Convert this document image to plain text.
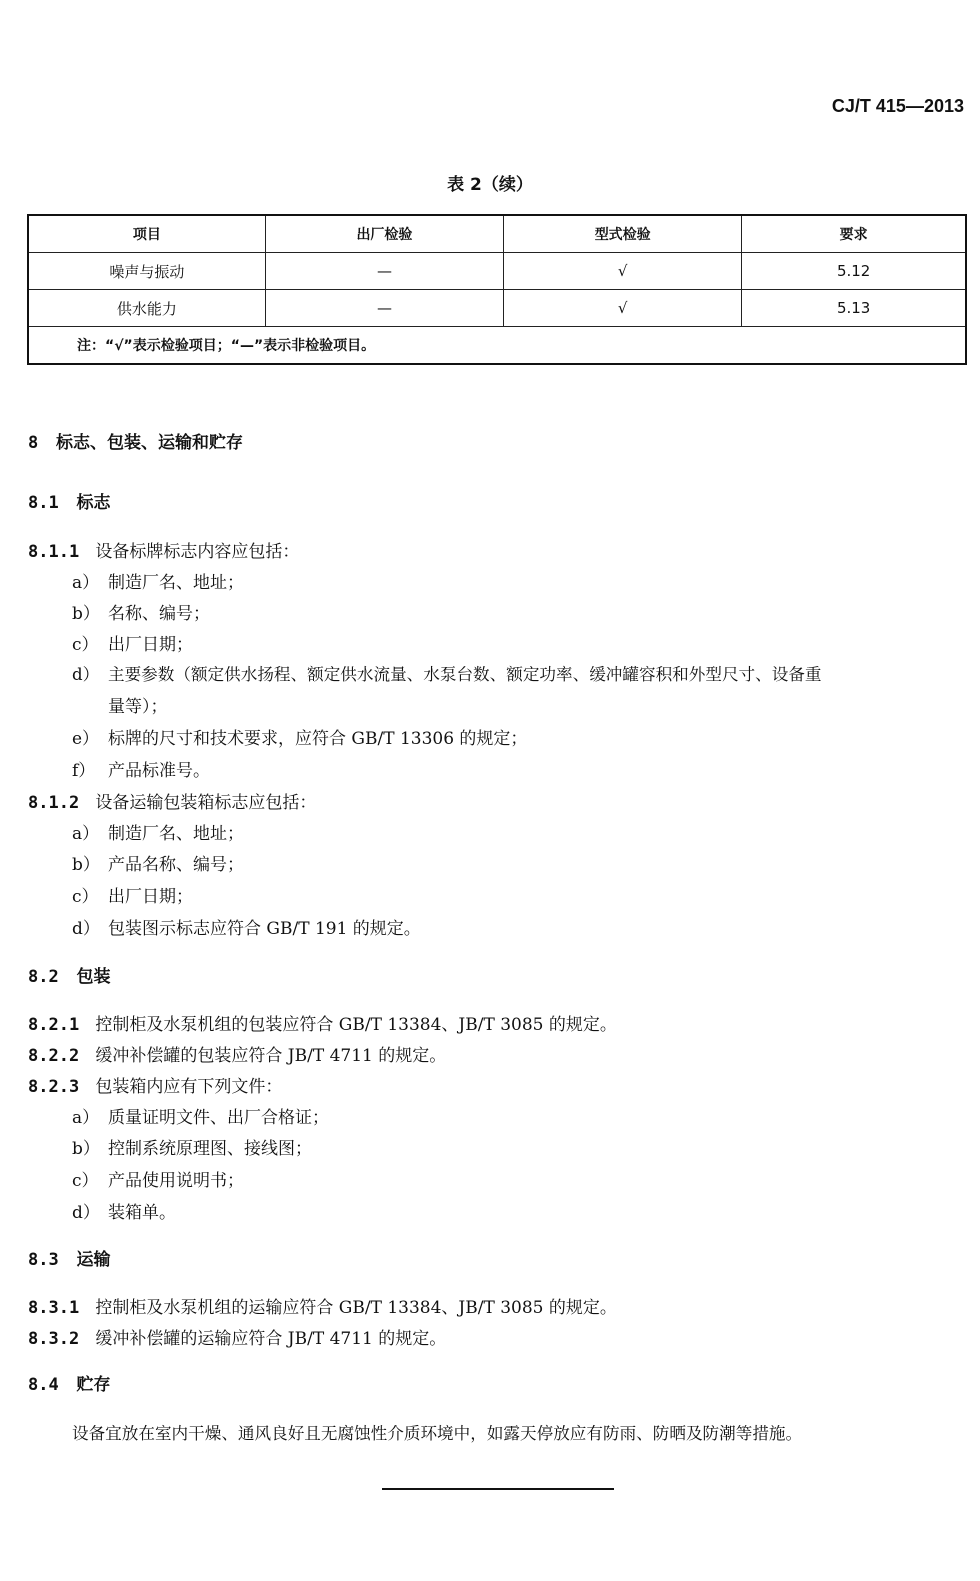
CJ/T 415—2013
表 2（续）
项目	出厂检验	型式检验	要求
噪声与振动	—	√	5.12
供水能力	—	√	5.13
注：“√”表示检验项目；“—”表示非检验项目。			
8 标志、包装、运输和贮存
8.1 标志
8.1.1 设备标牌标志内容应包括：
a） 制造厂名、地址；
b） 名称、编号；
c） 出厂日期；
d） 主要参数（额定供水扬程、额定供水流量、水泵台数、额定功率、缓冲罐容积和外型尺寸、设备重
量等）；
e） 标牌的尺寸和技术要求，应符合 GB/T 13306 的规定；
f） 产品标准号。
8.1.2 设备运输包装箱标志应包括：
a） 制造厂名、地址；
b） 产品名称、编号；
c） 出厂日期；
d） 包装图示标志应符合 GB/T 191 的规定。
8.2 包装
8.2.1 控制柜及水泵机组的包装应符合 GB/T 13384、JB/T 3085 的规定。
8.2.2 缓冲补偿罐的包装应符合 JB/T 4711 的规定。
8.2.3 包装箱内应有下列文件：
a） 质量证明文件、出厂合格证；
b） 控制系统原理图、接线图；
c） 产品使用说明书；
d） 装箱单。
8.3 运输
8.3.1 控制柜及水泵机组的运输应符合 GB/T 13384、JB/T 3085 的规定。
8.3.2 缓冲补偿罐的运输应符合 JB/T 4711 的规定。
8.4 贮存
设备宜放在室内干燥、通风良好且无腐蚀性介质环境中，如露天停放应有防雨、防晒及防潮等措施。
